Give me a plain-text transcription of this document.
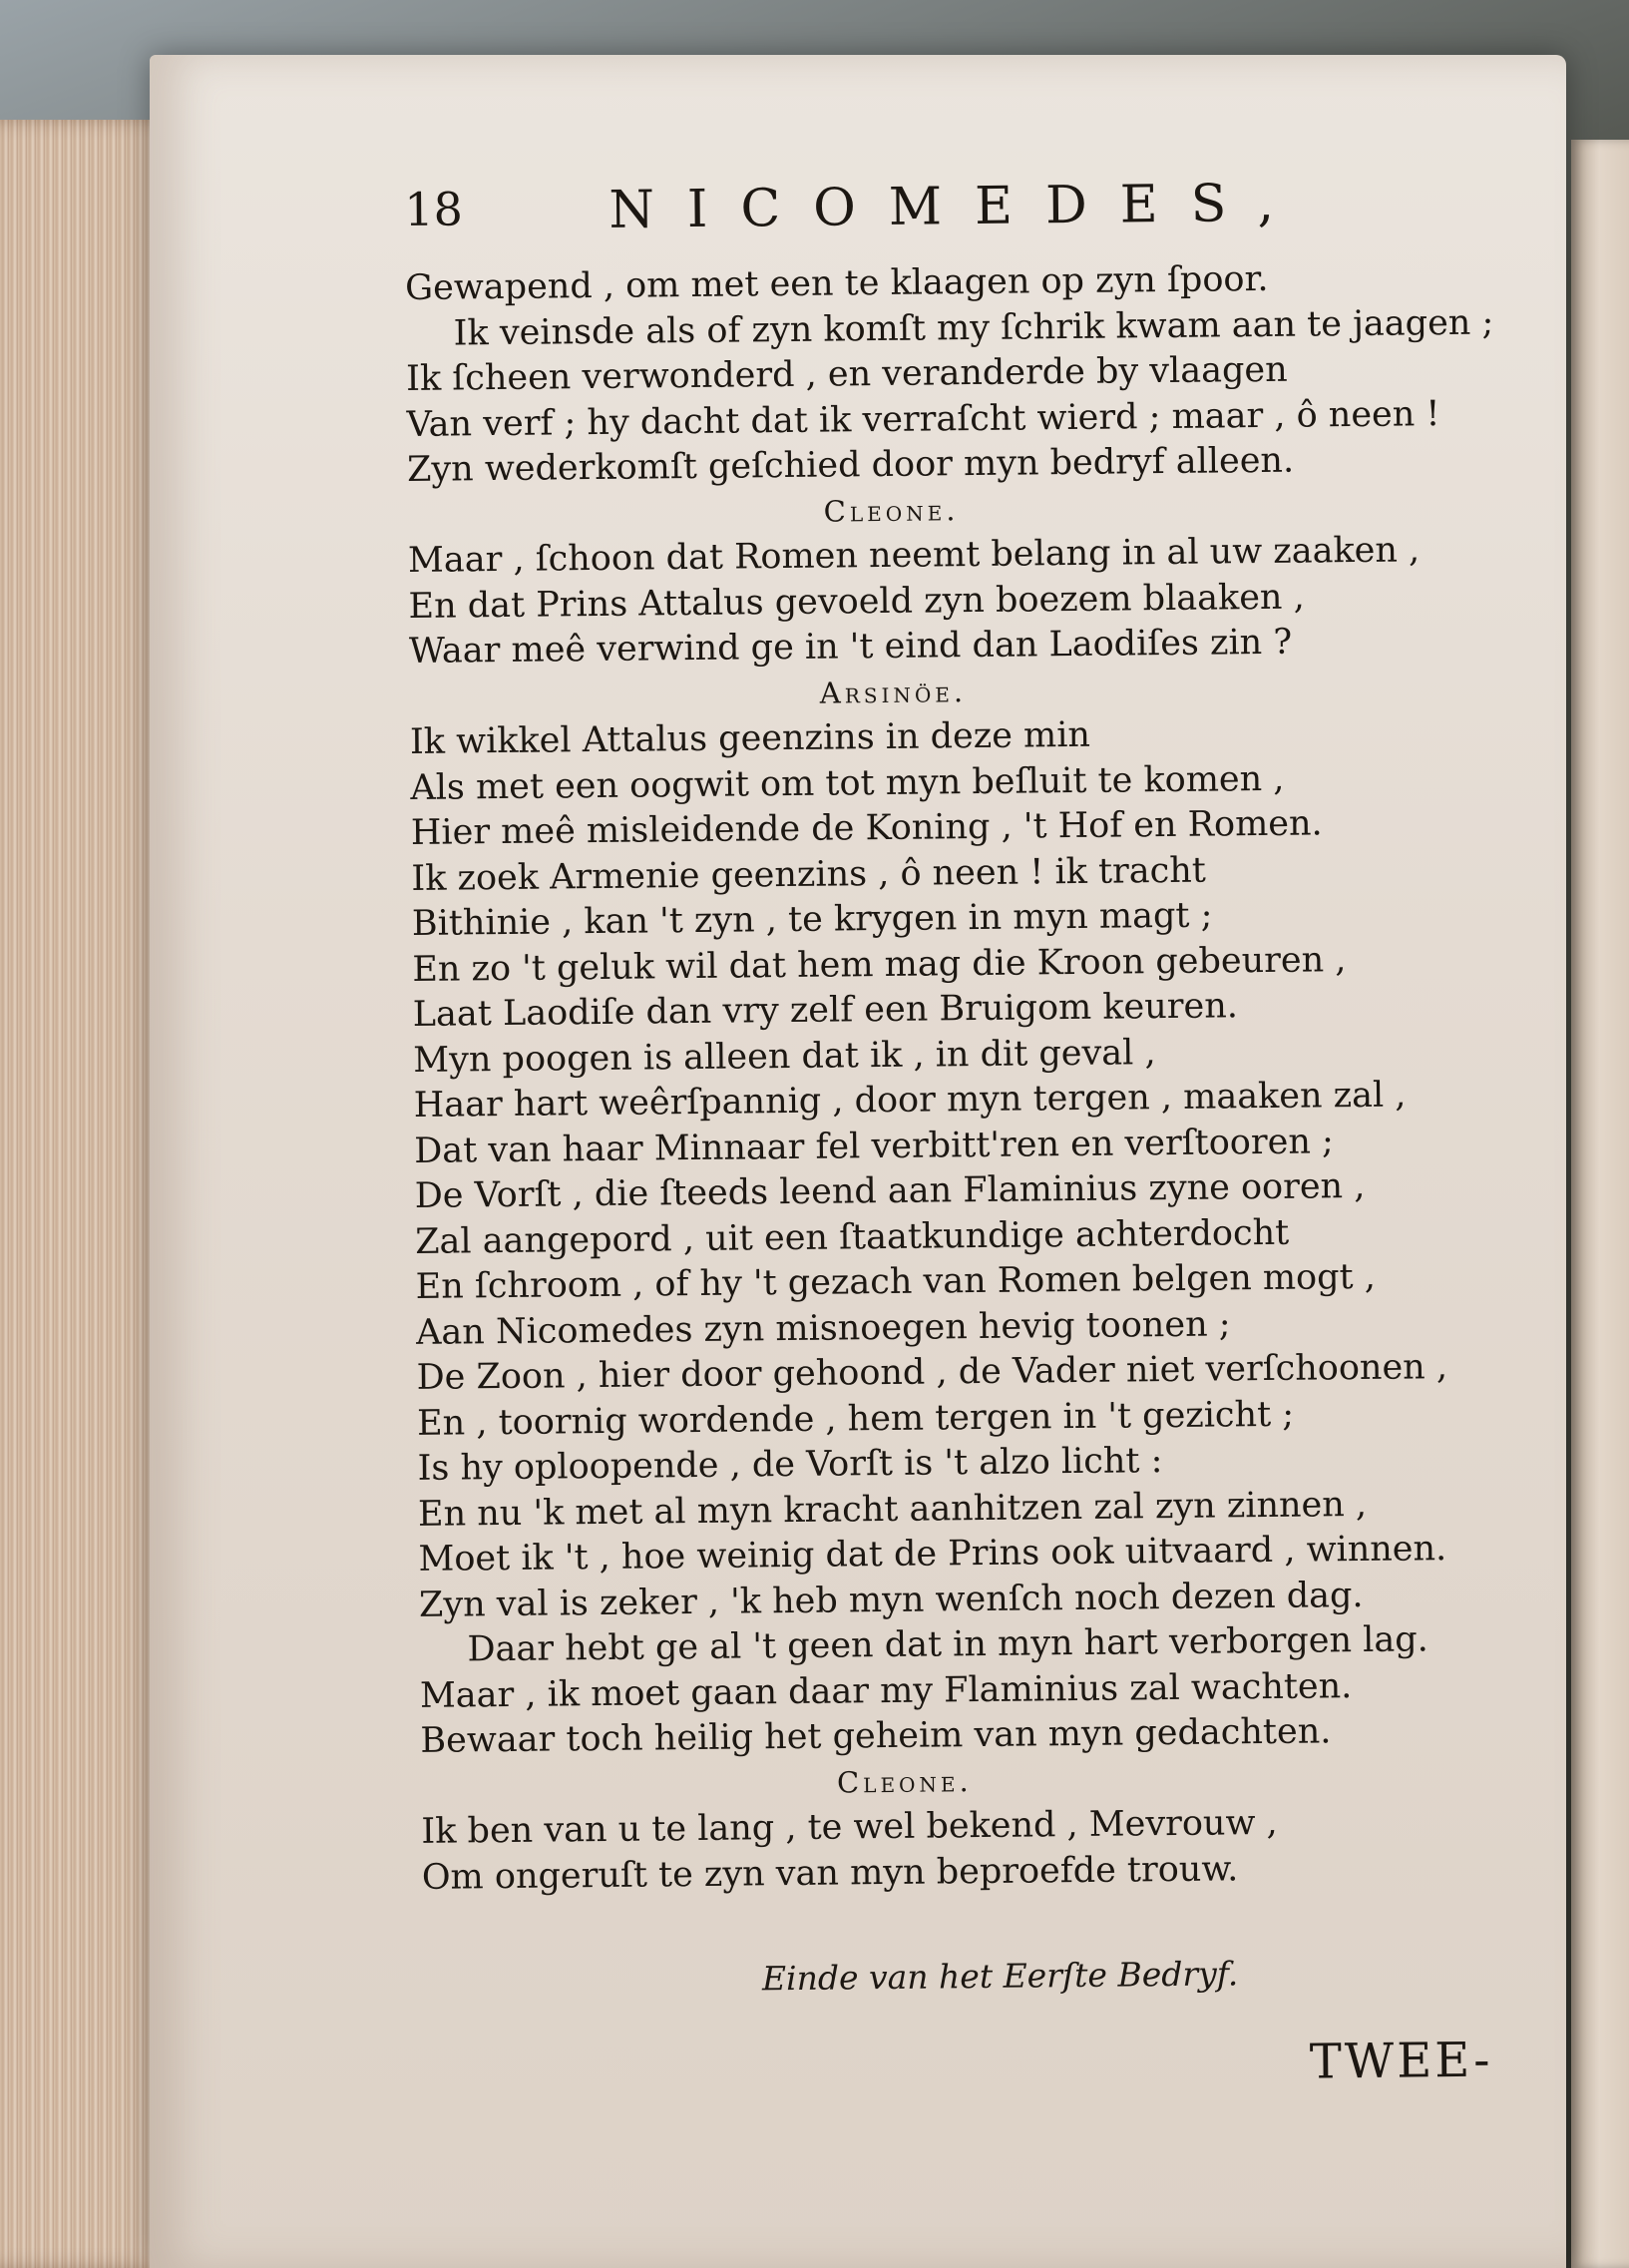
18	NICOMEDES,

Gewapend , om met een te klaagen op zyn ſpoor.

Ik veinsde als of zyn komſt my ſchrik kwam aan te jaagen ;

Ik ſcheen verwonderd , en veranderde by vlaagen

Van verf ; hy dacht dat ik verraſcht wierd ; maar , ô neen !

Zyn wederkomſt geſchied door myn bedryf alleen.

Cleone.

Maar , ſchoon dat Romen neemt belang in al uw zaaken ,

En dat Prins Attalus gevoeld zyn boezem blaaken ,

Waar meê verwind ge in 't eind dan Laodiſes zin ?

Arsinöe.

Ik wikkel Attalus geenzins in deze min

Als met een oogwit om tot myn beſluit te komen ,

Hier meê misleidende de Koning , 't Hof en Romen.

Ik zoek Armenie geenzins , ô neen ! ik tracht

Bithinie , kan 't zyn , te krygen in myn magt ;

En zo 't geluk wil dat hem mag die Kroon gebeuren ,

Laat Laodiſe dan vry zelf een Bruigom keuren.

Myn poogen is alleen dat ik , in dit geval ,

Haar hart weêrſpannig , door myn tergen , maaken zal ,

Dat van haar Minnaar fel verbitt'ren en verſtooren ;

De Vorſt , die ſteeds leend aan Flaminius zyne ooren ,

Zal aangepord , uit een ſtaatkundige achterdocht

En ſchroom , of hy 't gezach van Romen belgen mogt ,

Aan Nicomedes zyn misnoegen hevig toonen ;

De Zoon , hier door gehoond , de Vader niet verſchoonen ,

En , toornig wordende , hem tergen in 't gezicht ;

Is hy oploopende , de Vorſt is 't alzo licht :

En nu 'k met al myn kracht aanhitzen zal zyn zinnen ,

Moet ik 't , hoe weinig dat de Prins ook uitvaard , winnen.

Zyn val is zeker , 'k heb myn wenſch noch dezen dag.

Daar hebt ge al 't geen dat in myn hart verborgen lag.

Maar , ik moet gaan daar my Flaminius zal wachten.

Bewaar toch heilig het geheim van myn gedachten.

Cleone.

Ik ben van u te lang , te wel bekend , Mevrouw ,

Om ongeruſt te zyn van myn beproefde trouw.

Einde van het Eerſte Bedryf.

TWEE-
